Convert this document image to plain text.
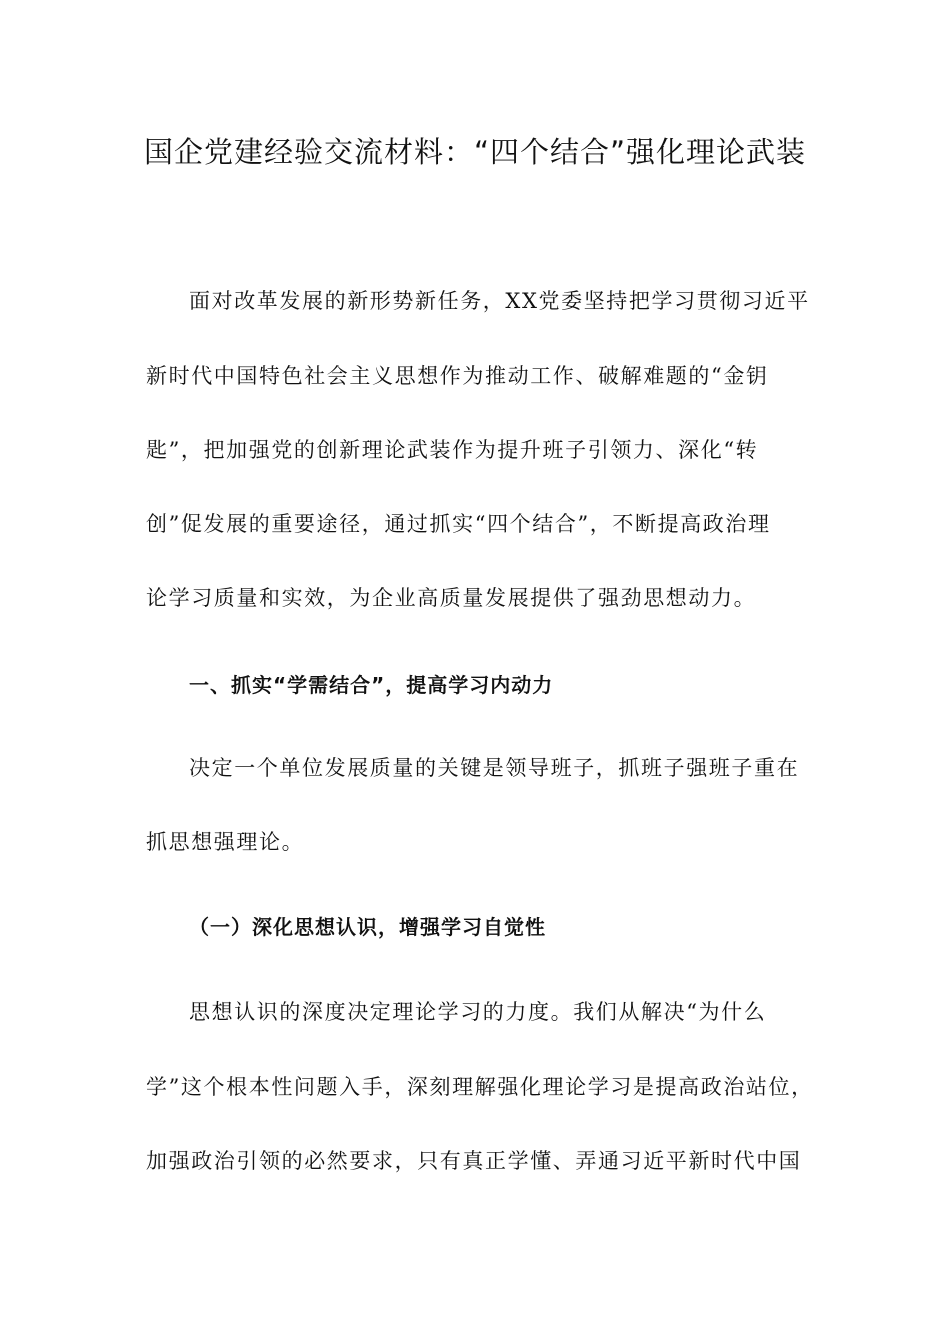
国企党建经验交流材料：“四个结合”强化理论武装

面对改革发展的新形势新任务，XX党委坚持把学习贯彻习近平

新时代中国特色社会主义思想作为推动工作、破解难题的“金钥

匙”，把加强党的创新理论武装作为提升班子引领力、深化“转

创”促发展的重要途径，通过抓实“四个结合”，不断提高政治理

论学习质量和实效，为企业高质量发展提供了强劲思想动力。

一、抓实“学需结合”，提高学习内动力

决定一个单位发展质量的关键是领导班子，抓班子强班子重在

抓思想强理论。

（一）深化思想认识，增强学习自觉性

思想认识的深度决定理论学习的力度。我们从解决“为什么

学”这个根本性问题入手，深刻理解强化理论学习是提高政治站位，

加强政治引领的必然要求，只有真正学懂、弄通习近平新时代中国
